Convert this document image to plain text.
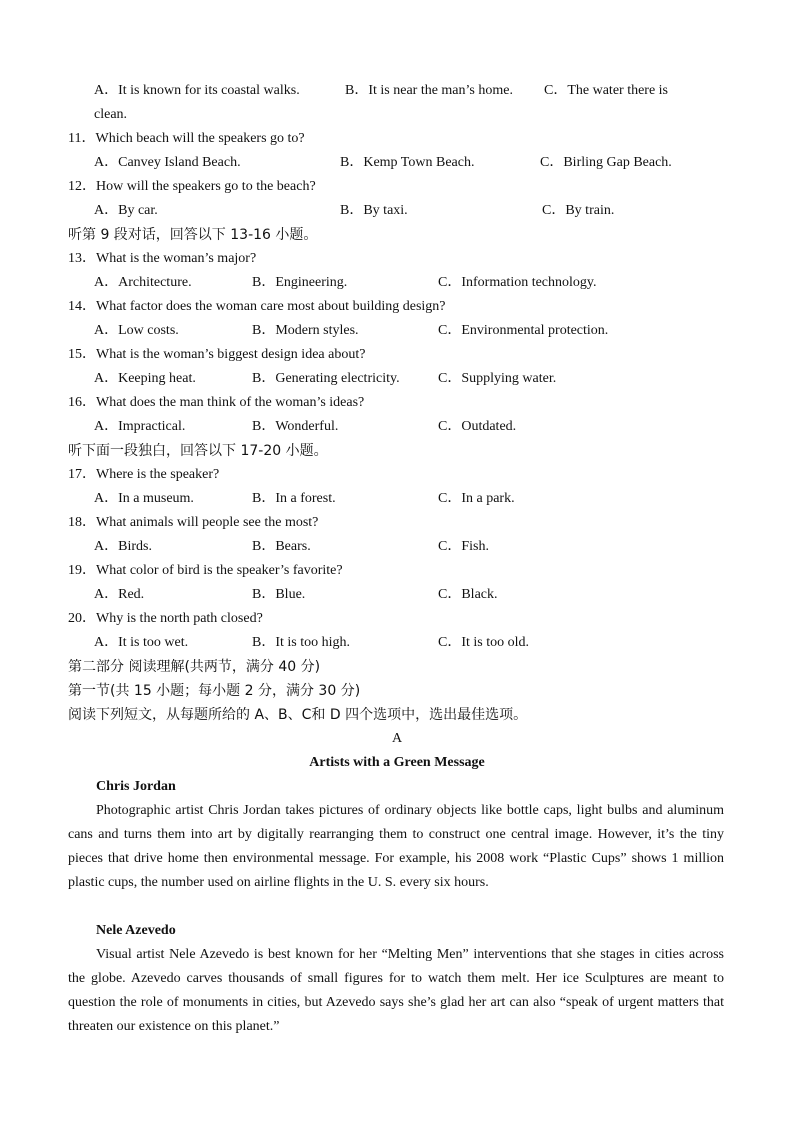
A．It is known for its coastal walks.	B．It is near the man’s home. C．The water there is
clean.
11．Which beach will the speakers go to?
A．Canvey Island Beach.	B．Kemp Town Beach.	C．Birling Gap Beach.
12．How will the speakers go to the beach?
A．By car.	B．By taxi.	C．By train.
听第 9 段对话，回答以下 13-16 小题。
13．What is the woman’s major?
A．Architecture.	B．Engineering.	C．Information technology.
14．What factor does the woman care most about building design?
A．Low costs.	B．Modern styles.	C．Environmental protection.
15．What is the woman’s biggest design idea about?
A．Keeping heat.	B．Generating electricity.	C．Supplying water.
16．What does the man think of the woman’s ideas?
A．Impractical.	B．Wonderful.	C．Outdated.
听下面一段独白，回答以下 17-20 小题。
17．Where is the speaker?
A．In a museum.	B．In a forest.	C．In a park.
18．What animals will people see the most?
A．Birds.	B．Bears.	C．Fish.
19．What color of bird is the speaker’s favorite?
A．Red.	B．Blue.	C．Black.
20．Why is the north path closed?
A．It is too wet.	B．It is too high.	C．It is too old.
第二部分 阅读理解(共两节，满分 40 分)
第一节(共 15 小题；每小题 2 分，满分 30 分)
阅读下列短文，从每题所给的 A、B、C和 D 四个选项中，选出最佳选项。
A
Artists with a Green Message
Chris Jordan
Photographic artist Chris Jordan takes pictures of ordinary objects like bottle caps, light bulbs and aluminum cans and turns them into art by digitally rearranging them to construct one central image. However, it’s the tiny pieces that drive home then environmental message. For example, his 2008 work “Plastic Cups” shows 1 million plastic cups, the number used on airline flights in the U. S. every six hours.
Nele Azevedo
Visual artist Nele Azevedo is best known for her “Melting Men” interventions that she stages in cities across the globe. Azevedo carves thousands of small figures for to watch them melt. Her ice Sculptures are meant to question the role of monuments in cities, but Azevedo says she’s glad her art can also “speak of urgent matters that threaten our existence on this planet.”
